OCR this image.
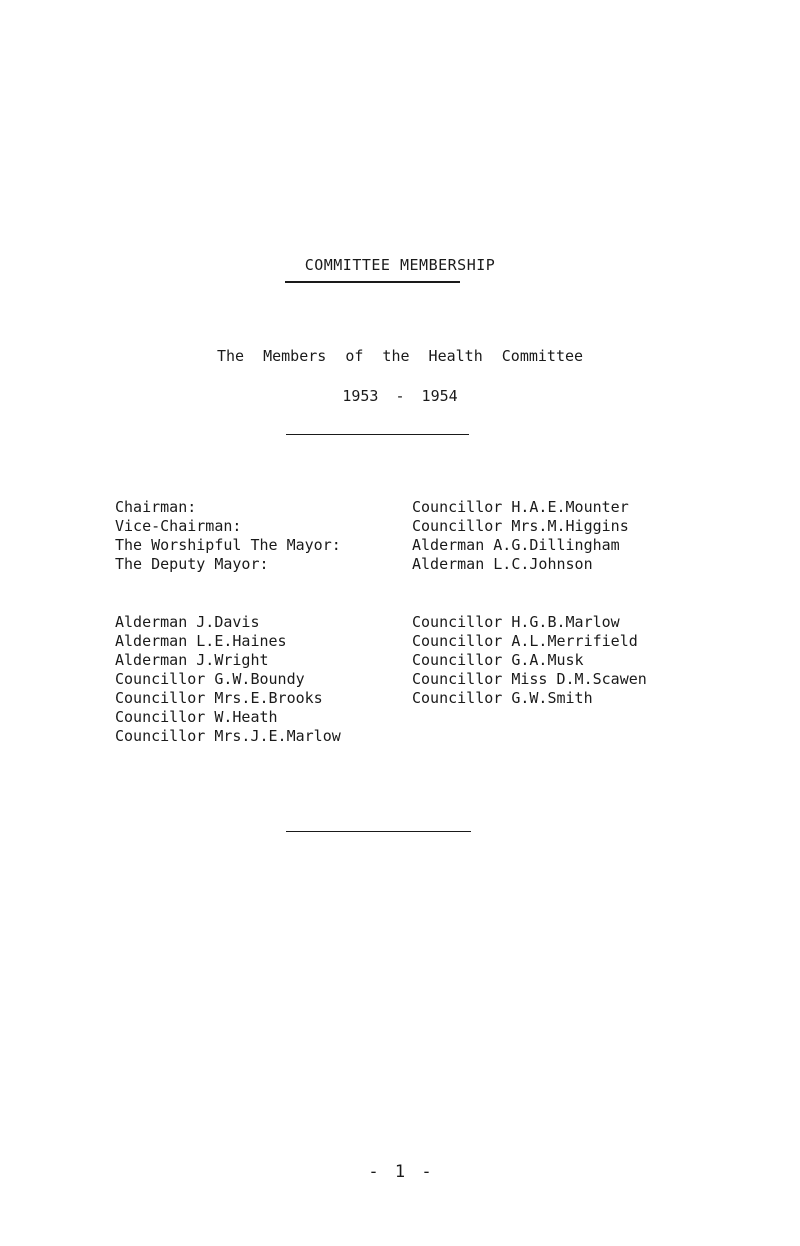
COMMITTEE MEMBERSHIP
The Members of the Health Committee
1953 - 1954
Chairman:
Vice-Chairman:
The Worshipful The Mayor:
The Deputy Mayor:
Councillor H.A.E.Mounter
Councillor Mrs.M.Higgins
Alderman A.G.Dillingham
Alderman L.C.Johnson
Alderman J.Davis
Alderman L.E.Haines
Alderman J.Wright
Councillor G.W.Boundy
Councillor Mrs.E.Brooks
Councillor W.Heath
Councillor Mrs.J.E.Marlow
Councillor H.G.B.Marlow
Councillor A.L.Merrifield
Councillor G.A.Musk
Councillor Miss D.M.Scawen
Councillor G.W.Smith
- 1 -
